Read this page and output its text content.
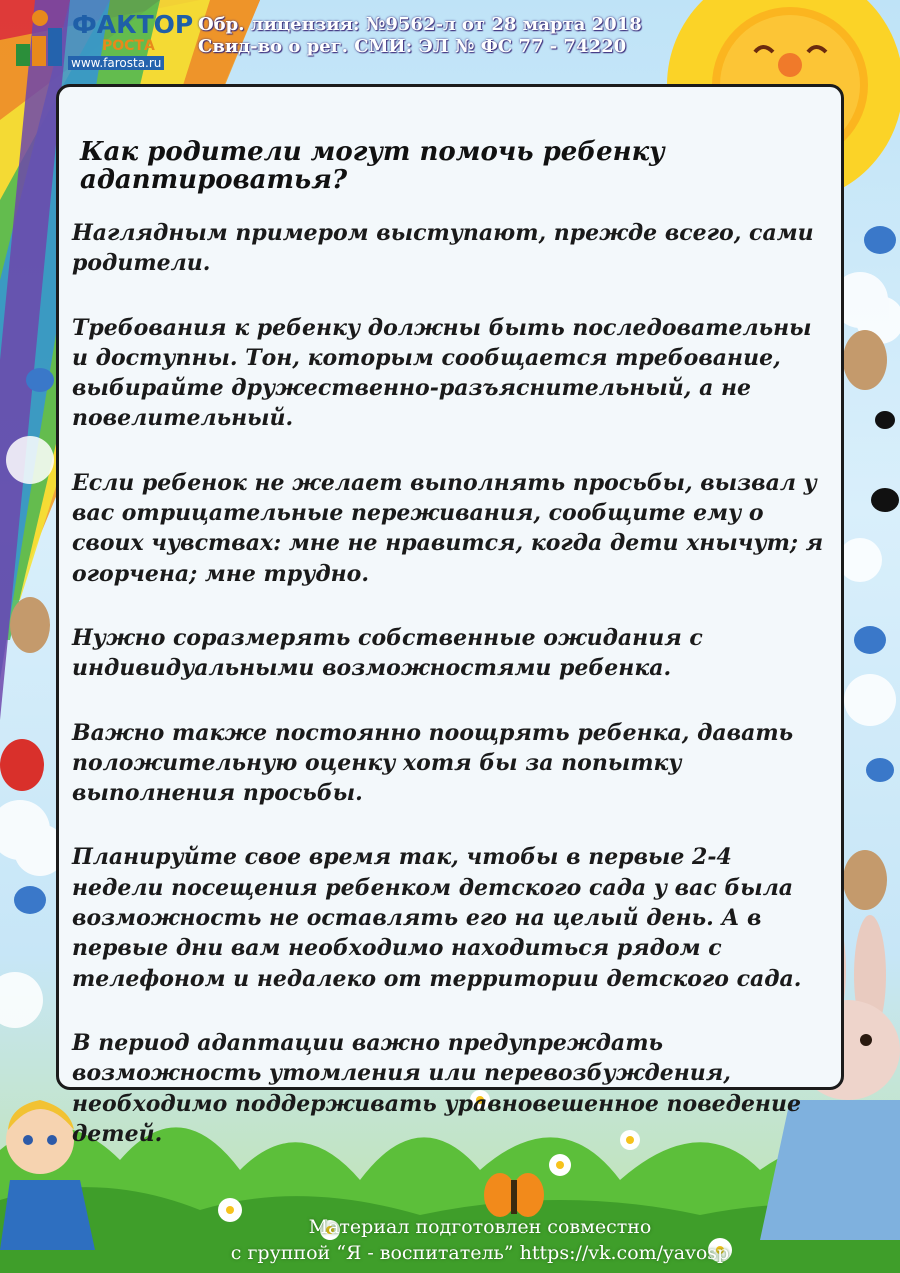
ФАКТОР
РОСТА
www.farosta.ru
Обр. лицензия: №9562-л от 28 марта 2018
Свид-во о рег. СМИ: ЭЛ № ФС 77 - 74220
Как родители могут помочь ребенку адаптироватья?

Наглядным примером выступают, прежде всего, сами родители.

Требования к ребенку должны быть последовательны и доступны. Тон, которым сообщается требование, выбирайте дружественно-разъяснительный, а не повелительный.

Если ребенок не желает выполнять просьбы, вызвал у вас отрицательные переживания, сообщите ему о своих чувствах: мне не нравится, когда дети хнычут; я огорчена; мне трудно.

Нужно соразмерять собственные ожидания с индивидуальными возможностями ребенка.

Важно также постоянно поощрять ребенка, давать положительную оценку хотя бы за попытку выполнения просьбы.

Планируйте свое время так, чтобы в первые 2-4 недели посещения ребенком детского сада у вас была возможность не оставлять его на целый день. А в первые дни вам необходимо находиться рядом с телефоном и недалеко от территории детского сада.

В период адаптации важно предупреждать возможность утомления или перевозбуждения, необходимо поддерживать уравновешенное поведение детей.

Материал подготовлен совместно
с группой “Я - воспитатель” https://vk.com/yavosp
